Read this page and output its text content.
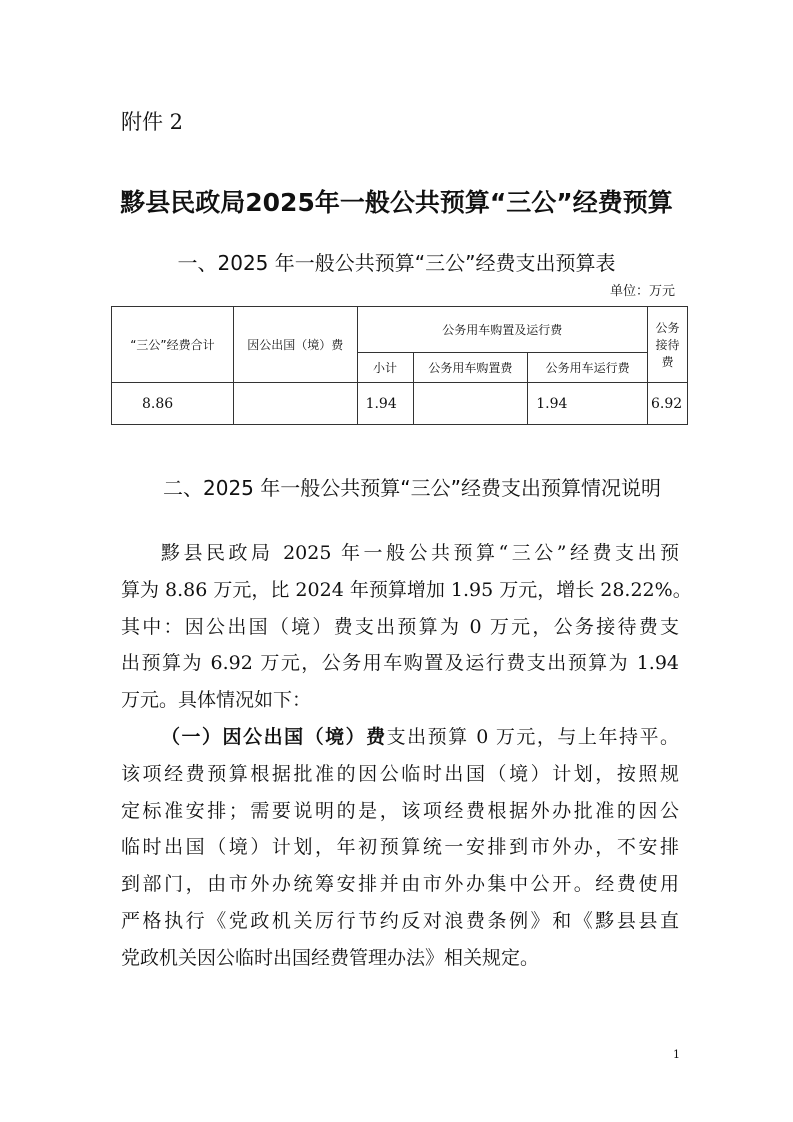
附件 2
黟县民政局2025年一般公共预算“三公”经费预算
一、2025 年一般公共预算“三公”经费支出预算表
单位：万元
“三公”经费合计	因公出国（境）费	公务用车购置及运行费			公务接待费
		小计	公务用车购置费	公务用车运行费	
8.86		1.94		1.94	6.92
二、2025 年一般公共预算“三公”经费支出预算情况说明
黟县民政局 2025 年一般公共预算“三公”经费支出预
算为 8.86 万元，比 2024 年预算增加 1.95 万元，增长 28.22%。
其中：因公出国（境）费支出预算为 0 万元，公务接待费支
出预算为 6.92 万元，公务用车购置及运行费支出预算为 1.94
万元。具体情况如下：
（一）因公出国（境）费支出预算 0 万元，与上年持平。
该项经费预算根据批准的因公临时出国（境）计划，按照规
定标准安排；需要说明的是，该项经费根据外办批准的因公
临时出国（境）计划，年初预算统一安排到市外办，不安排
到部门，由市外办统筹安排并由市外办集中公开。经费使用
严格执行《党政机关厉行节约反对浪费条例》和《黟县县直
党政机关因公临时出国经费管理办法》相关规定。
1
